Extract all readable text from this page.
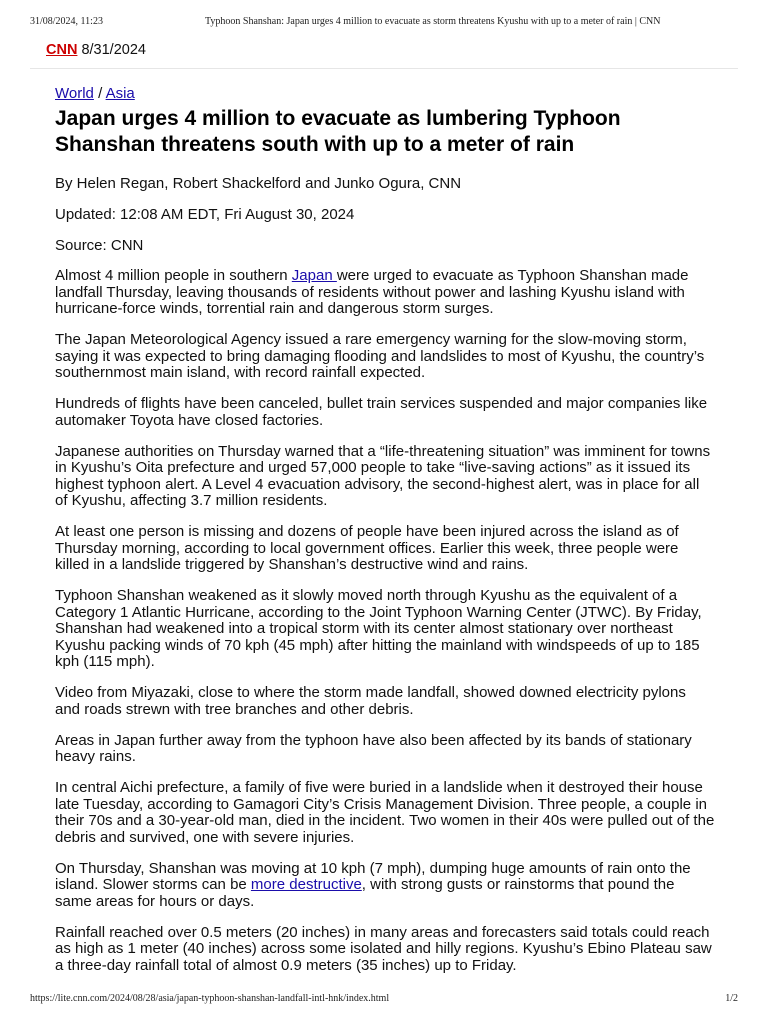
31/08/2024, 11:23	Typhoon Shanshan: Japan urges 4 million to evacuate as storm threatens Kyushu with up to a meter of rain | CNN
CNN 8/31/2024
World / Asia
Japan urges 4 million to evacuate as lumbering Typhoon Shanshan threatens south with up to a meter of rain

By Helen Regan, Robert Shackelford and Junko Ogura, CNN

Updated: 12:08 AM EDT, Fri August 30, 2024

Source: CNN

Almost 4 million people in southern Japan were urged to evacuate as Typhoon Shanshan made landfall Thursday, leaving thousands of residents without power and lashing Kyushu island with hurricane-force winds, torrential rain and dangerous storm surges.

The Japan Meteorological Agency issued a rare emergency warning for the slow-moving storm, saying it was expected to bring damaging flooding and landslides to most of Kyushu, the country’s southernmost main island, with record rainfall expected.

Hundreds of flights have been canceled, bullet train services suspended and major companies like automaker Toyota have closed factories.

Japanese authorities on Thursday warned that a “life-threatening situation” was imminent for towns in Kyushu’s Oita prefecture and urged 57,000 people to take “live-saving actions” as it issued its highest typhoon alert. A Level 4 evacuation advisory, the second-highest alert, was in place for all of Kyushu, affecting 3.7 million residents.

At least one person is missing and dozens of people have been injured across the island as of Thursday morning, according to local government offices. Earlier this week, three people were killed in a landslide triggered by Shanshan’s destructive wind and rains.

Typhoon Shanshan weakened as it slowly moved north through Kyushu as the equivalent of a Category 1 Atlantic Hurricane, according to the Joint Typhoon Warning Center (JTWC). By Friday, Shanshan had weakened into a tropical storm with its center almost stationary over northeast Kyushu packing winds of 70 kph (45 mph) after hitting the mainland with windspeeds of up to 185 kph (115 mph).

Video from Miyazaki, close to where the storm made landfall, showed downed electricity pylons and roads strewn with tree branches and other debris.

Areas in Japan further away from the typhoon have also been affected by its bands of stationary heavy rains.

In central Aichi prefecture, a family of five were buried in a landslide when it destroyed their house late Tuesday, according to Gamagori City’s Crisis Management Division. Three people, a couple in their 70s and a 30-year-old man, died in the incident. Two women in their 40s were pulled out of the debris and survived, one with severe injuries.

On Thursday, Shanshan was moving at 10 kph (7 mph), dumping huge amounts of rain onto the island. Slower storms can be more destructive, with strong gusts or rainstorms that pound the same areas for hours or days.

Rainfall reached over 0.5 meters (20 inches) in many areas and forecasters said totals could reach as high as 1 meter (40 inches) across some isolated and hilly regions. Kyushu’s Ebino Plateau saw a three-day rainfall total of almost 0.9 meters (35 inches) up to Friday.

https://lite.cnn.com/2024/08/28/asia/japan-typhoon-shanshan-landfall-intl-hnk/index.html	1/2
